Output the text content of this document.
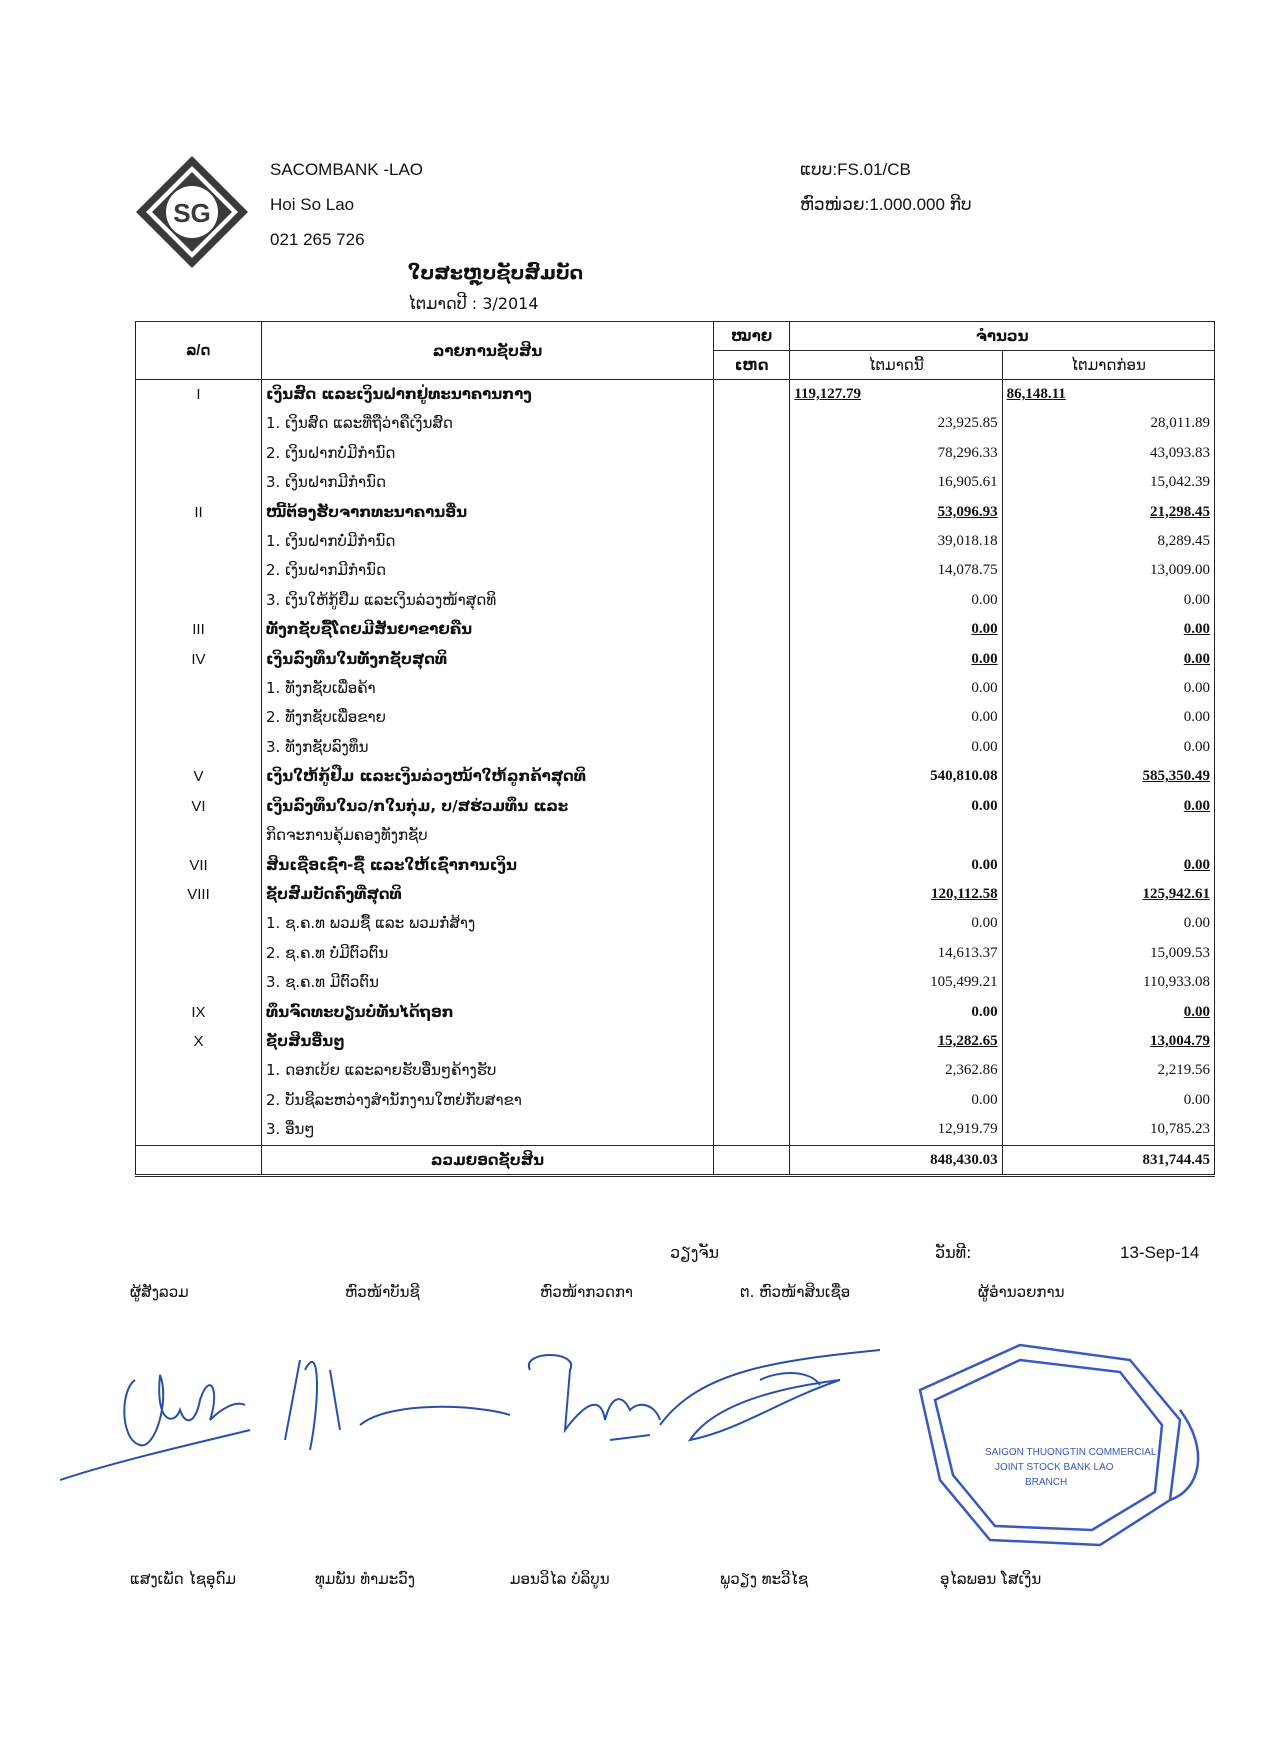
SG
SACOMBANK -LAO
Hoi So Lao
021 265 726
ແບບ:FS.01/CB
ຫົວໜ່ວຍ:1.000.000 ກີບ
ໃບສະຫຼຸບຊັບສົມບັດ
ໄຕມາດປີ : 3/2014
ລ/ດ	ລາຍການຊັບສິນ	ໝາຍ	ຈຳນວນ	
		ເຫດ	ໄຕມາດນີ້	ໄຕມາດກ່ອນ
I	ເງິນສົດ ແລະເງິນຝາກຢູ່ທະນາຄານກາງ		119,127.79	86,148.11
	1. ເງິນສົດ ແລະທີ່ຖືວ່າຄືເງິນສົດ		23,925.85	28,011.89
	2. ເງິນຝາກບໍ່ມີກຳນົດ		78,296.33	43,093.83
	3. ເງິນຝາກມີກຳນົດ		16,905.61	15,042.39
II	ໜີ້ຕ້ອງຮັບຈາກທະນາຄານອື່ນ		53,096.93	21,298.45
	1. ເງິນຝາກບໍ່ມີກຳນົດ		39,018.18	8,289.45
	2. ເງິນຝາກມີກຳນົດ		14,078.75	13,009.00
	3. ເງິນໃຫ້ກູ້ຢືມ ແລະເງິນລ່ວງໜ້າສຸດທິ		0.00	0.00
III	ທັງກຊັບຊື້ໂດຍມີສັນຍາຂາຍຄືນ		0.00	0.00
IV	ເງິນລົງທຶນໃນທັງກຊັບສຸດທິ		0.00	0.00
	1. ທັງກຊັບເພື່ອຄ້າ		0.00	0.00
	2. ທັງກຊັບເພື່ອຂາຍ		0.00	0.00
	3. ທັງກຊັບລົງທຶນ		0.00	0.00
V	ເງິນໃຫ້ກູ້ຢືມ ແລະເງິນລ່ວງໜ້າໃຫ້ລູກຄ້າສຸດທິ		540,810.08	585,350.49
VI	ເງິນລົງທຶນໃນວ/ກໃນກຸ່ມ, ບ/ສຮ່ວມທຶນ ແລະ		0.00	0.00
	ກິດຈະການຄຸ້ມຄອງທັງກຊັບ			
VII	ສິນເຊື່ອເຊົ່າ-ຊື້ ແລະໃຫ້ເຊົ່າການເງິນ		0.00	0.00
VIII	ຊັບສົມບັດຄົງທີ່ສຸດທິ		120,112.58	125,942.61
	1. ຊ.ຄ.ທ ພວມຊື້ ແລະ ພວມກໍ່ສ້າງ		0.00	0.00
	2. ຊ.ຄ.ທ ບໍ່ມີຕົວຕົນ		14,613.37	15,009.53
	3. ຊ.ຄ.ທ ມີຕົວຕົນ		105,499.21	110,933.08
IX	ທຶນຈົດທະບຽນບໍ່ທັນໄດ້ຖອກ		0.00	0.00
X	ຊັບສິນອື່ນໆ		15,282.65	13,004.79
	1. ດອກເບ້ຍ ແລະລາຍຮັບອື່ນໆຄ້າງຮັບ		2,362.86	2,219.56
	2. ບັນຊີລະຫວ່າງສຳນັກງານໃຫຍ່ກັບສາຂາ		0.00	0.00
	3. ອື່ນໆ		12,919.79	10,785.23
	ລວມຍອດຊັບສິນ		848,430.03	831,744.45
ວຽງຈັນ	ວັນທີ:	13-Sep-14
ຜູ້ສັງລວມ	ຫົວໜ້າບັນຊີ	ຫົວໜ້າກວດກາ	ຕ. ຫົວໜ້າສິນເຊື່ອ	ຜູ້ອຳນວຍການ
SAIGON THUONGTIN COMMERCIAL
JOINT STOCK BANK LAO
BRANCH
ແສງເພັດ ໄຊອຸດົມ	ທຸມພັນ ທຳມະວົງ	ມອນວິໄລ ບໍລິບູນ	ພູວຽງ ທະວີໄຊ	ອຸໄລພອນ ໂສເງິນ
